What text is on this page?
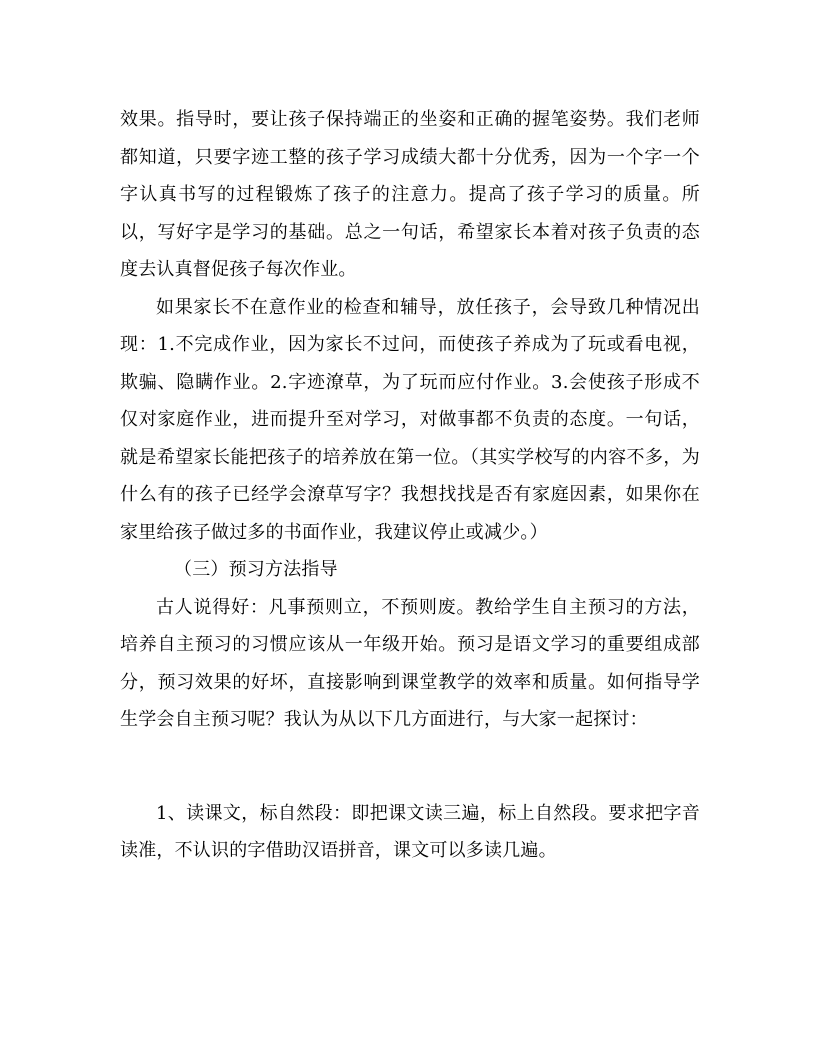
效果。指导时，要让孩子保持端正的坐姿和正确的握笔姿势。我们老师都知道，只要字迹工整的孩子学习成绩大都十分优秀，因为一个字一个字认真书写的过程锻炼了孩子的注意力。提高了孩子学习的质量。所以，写好字是学习的基础。总之一句话，希望家长本着对孩子负责的态度去认真督促孩子每次作业。

如果家长不在意作业的检查和辅导，放任孩子，会导致几种情况出现：1.不完成作业，因为家长不过问，而使孩子养成为了玩或看电视，欺骗、隐瞒作业。2.字迹潦草，为了玩而应付作业。3.会使孩子形成不仅对家庭作业，进而提升至对学习，对做事都不负责的态度。一句话，就是希望家长能把孩子的培养放在第一位。（其实学校写的内容不多，为什么有的孩子已经学会潦草写字？我想找找是否有家庭因素，如果你在家里给孩子做过多的书面作业，我建议停止或减少。）

（三）预习方法指导

古人说得好：凡事预则立，不预则废。教给学生自主预习的方法，培养自主预习的习惯应该从一年级开始。预习是语文学习的重要组成部分，预习效果的好坏，直接影响到课堂教学的效率和质量。如何指导学生学会自主预习呢？我认为从以下几方面进行，与大家一起探讨：

1、读课文，标自然段：即把课文读三遍，标上自然段。要求把字音读准，不认识的字借助汉语拼音，课文可以多读几遍。
